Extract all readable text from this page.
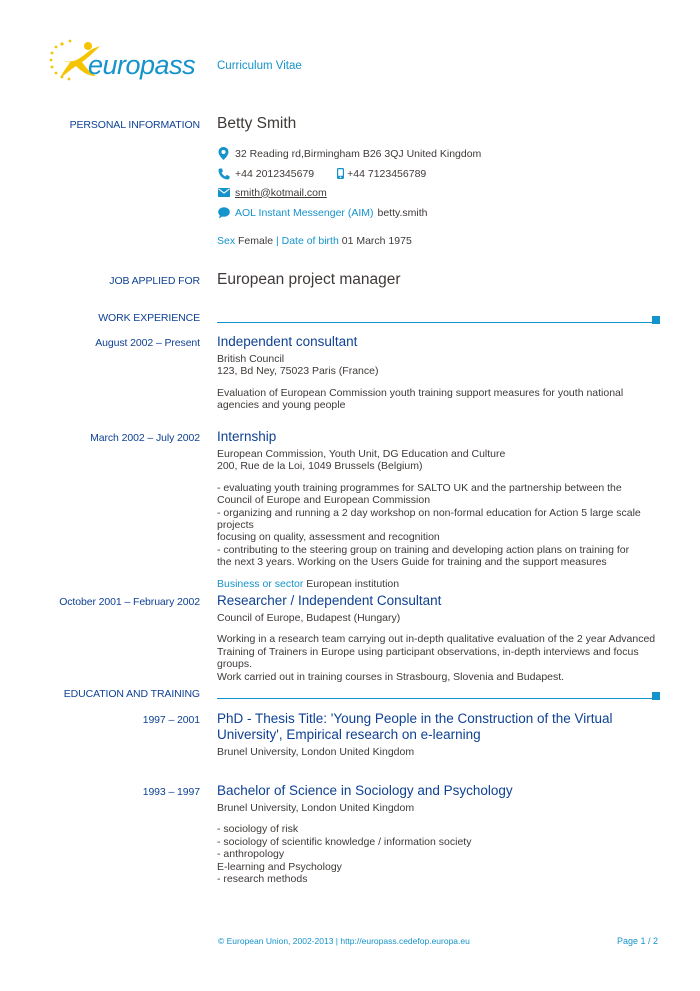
europass Curriculum Vitae
PERSONAL INFORMATION Betty Smith
32 Reading rd,Birmingham B26 3QJ United Kingdom
+44 2012345679	+44 7123456789
smith@kotmail.com
AOL Instant Messenger (AIM) betty.smith
Sex Female | Date of birth 01 March 1975
JOB APPLIED FOR European project manager
WORK EXPERIENCE
August 2002 – Present Independent consultant

British Council

123, Bd Ney, 75023 Paris (France)

Evaluation of European Commission youth training support measures for youth national

agencies and young people

March 2002 – July 2002 Internship

European Commission, Youth Unit, DG Education and Culture

200, Rue de la Loi, 1049 Brussels (Belgium)

- evaluating youth training programmes for SALTO UK and the partnership between the

Council of Europe and European Commission

- organizing and running a 2 day workshop on non-formal education for Action 5 large scale projects

focusing on quality, assessment and recognition

- contributing to the steering group on training and developing action plans on training for

the next 3 years. Working on the Users Guide for training and the support measures

Business or sector European institution

October 2001 – February 2002 Researcher / Independent Consultant

Council of Europe, Budapest (Hungary)

Working in a research team carrying out in-depth qualitative evaluation of the 2 year Advanced

Training of Trainers in Europe using participant observations, in-depth interviews and focus groups.

Work carried out in training courses in Strasbourg, Slovenia and Budapest.

EDUCATION AND TRAINING
1997 – 2001 PhD - Thesis Title: 'Young People in the Construction of the Virtual

University', Empirical research on e-learning

Brunel University, London United Kingdom

1993 – 1997 Bachelor of Science in Sociology and Psychology

Brunel University, London United Kingdom

- sociology of risk

- sociology of scientific knowledge / information society

- anthropology

E-learning and Psychology

- research methods

© European Union, 2002-2013 | http://europass.cedefop.europa.eu	Page 1 / 2
